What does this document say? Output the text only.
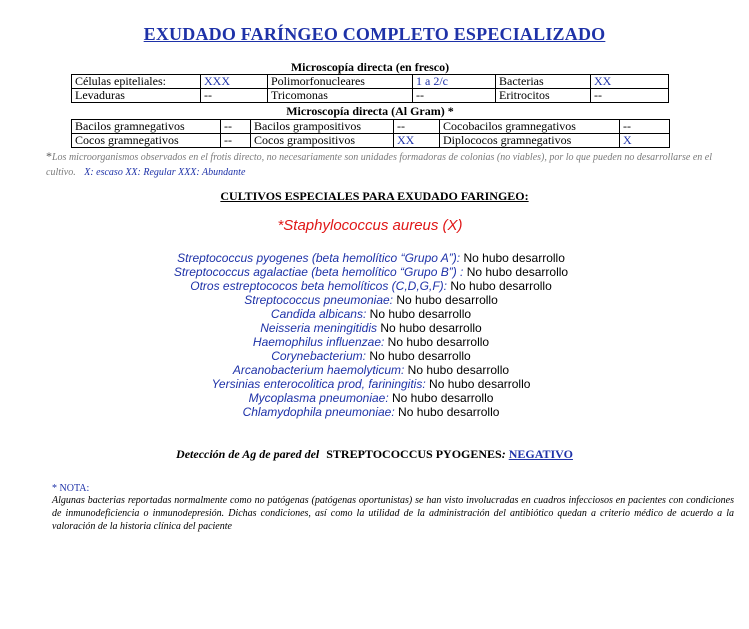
EXUDADO FARÍNGEO COMPLETO ESPECIALIZADO
Microscopía directa (en fresco)
Células epiteliales:	XXX	Polimorfonucleares	1 a 2/c	Bacterias	XX
Levaduras	--	Tricomonas	--	Eritrocitos	--
Microscopía directa (Al Gram) *
Bacilos gramnegativos	--	Bacilos grampositivos	--	Cocobacilos gramnegativos	--
Cocos gramnegativos	--	Cocos grampositivos	XX	Diplococos gramnegativos	X
*Los microorganismos observados en el frotis directo, no necesariamente son unidades formadoras de colonias (no viables), por lo que pueden no desarrollarse en el cultivo. X: escaso XX: Regular XXX: Abundante
CULTIVOS ESPECIALES PARA EXUDADO FARINGEO:
*Staphylococcus aureus (X)
Streptococcus pyogenes (beta hemolítico “Grupo A”): No hubo desarrollo
Streptococcus agalactiae (beta hemolítico “Grupo B”) : No hubo desarrollo
Otros estreptococos beta hemolíticos (C,D,G,F): No hubo desarrollo
Streptococcus pneumoniae: No hubo desarrollo
Candida albicans: No hubo desarrollo
Neisseria meningitidis No hubo desarrollo
Haemophilus influenzae: No hubo desarrollo
Corynebacterium: No hubo desarrollo
Arcanobacterium haemolyticum: No hubo desarrollo
Yersinias enterocolitica prod, fariningitis: No hubo desarrollo
Mycoplasma pneumoniae: No hubo desarrollo
Chlamydophila pneumoniae: No hubo desarrollo
Detección de Ag de pared del STREPTOCOCCUS PYOGENES: NEGATIVO
* NOTA:
Algunas bacterias reportadas normalmente como no patógenas (patógenas oportunistas) se han visto involucradas en cuadros infecciosos en pacientes con condiciones de inmunodeficiencia o inmunodepresión. Dichas condiciones, así como la utilidad de la administración del antibiótico quedan a criterio médico de acuerdo a la valoración de la historia clínica del paciente
